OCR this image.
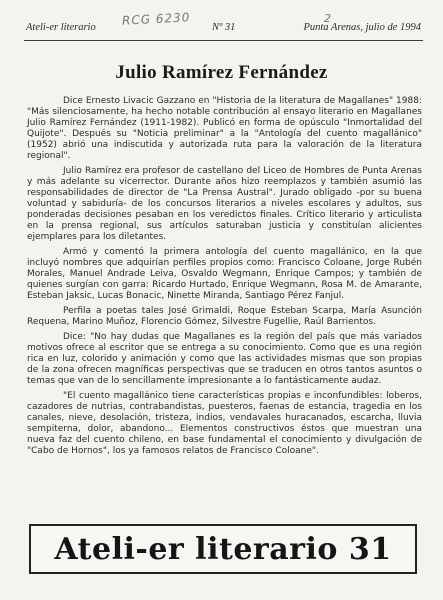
Ateli-er literario	Nº 31	Punta Arenas, julio de 1994
RCG 6230	2
Julio Ramírez Fernández

Dice Ernesto Livacic Gazzano en "Historia de la literatura de Magallanes" 1988: "Más silenciosamente, ha hecho notable contribución al ensayo literario en Magallanes Julio Ramírez Fernández (1911-1982). Publicó en forma de opúsculo "Inmortalidad del Quijote". Después su "Noticia preliminar" a la "Antología del cuento magallánico" (1952) abrió una indiscutida y autorizada ruta para la valoración de la literatura regional".

Julio Ramírez era profesor de castellano del Liceo de Hombres de Punta Arenas y más adelante su vicerrector. Durante años hizo reemplazos y también asumió las responsabilidades de director de "La Prensa Austral". Jurado obligado -por su buena voluntad y sabiduría- de los concursos literarios a niveles escolares y adultos, sus ponderadas decisiones pesaban en los veredictos finales. Crítico literario y articulista en la prensa regional, sus artículos saturaban justicia y constituían alicientes ejemplares para los diletantes.

Armó y comentó la primera antología del cuento magallánico, en la que incluyó nombres que adquirían perfiles propios como: Francisco Coloane, Jorge Rubén Morales, Manuel Andrade Leiva, Osvaldo Wegmann, Enrique Campos; y también de quienes surgían con garra: Ricardo Hurtado, Enrique Wegmann, Rosa M. de Amarante, Esteban Jaksic, Lucas Bonacic, Ninette Miranda, Santiago Pérez Fanjul.

Perfila a poetas tales José Grimaldi, Roque Esteban Scarpa, María Asunción Requena, Marino Muñoz, Florencio Gómez, Silvestre Fugellie, Raúl Barrientos.

Dice: "No hay dudas que Magallanes es la región del país que más variados motivos ofrece al escritor que se entrega a su conocimiento. Como que es una región rica en luz, colorido y animación y como que las actividades mismas que son propias de la zona ofrecen magníficas perspectivas que se traducen en otros tantos asuntos o temas que van de lo sencillamente impresionante a lo fantásticamente audaz.

"El cuento magallánico tiene características propias e inconfundibles: loberos, cazadores de nutrias, contrabandistas, puesteros, faenas de estancia, tragedia en los canales, nieve, desolación, tristeza, indios, vendavales huracanados, escarcha, lluvia sempiterna, dolor, abandono... Elementos constructivos éstos que muestran una nueva faz del cuento chileno, en base fundamental el conocimiento y divulgación de "Cabo de Hornos", los ya famosos relatos de Francisco Coloane".

Ateli-er literario 31
